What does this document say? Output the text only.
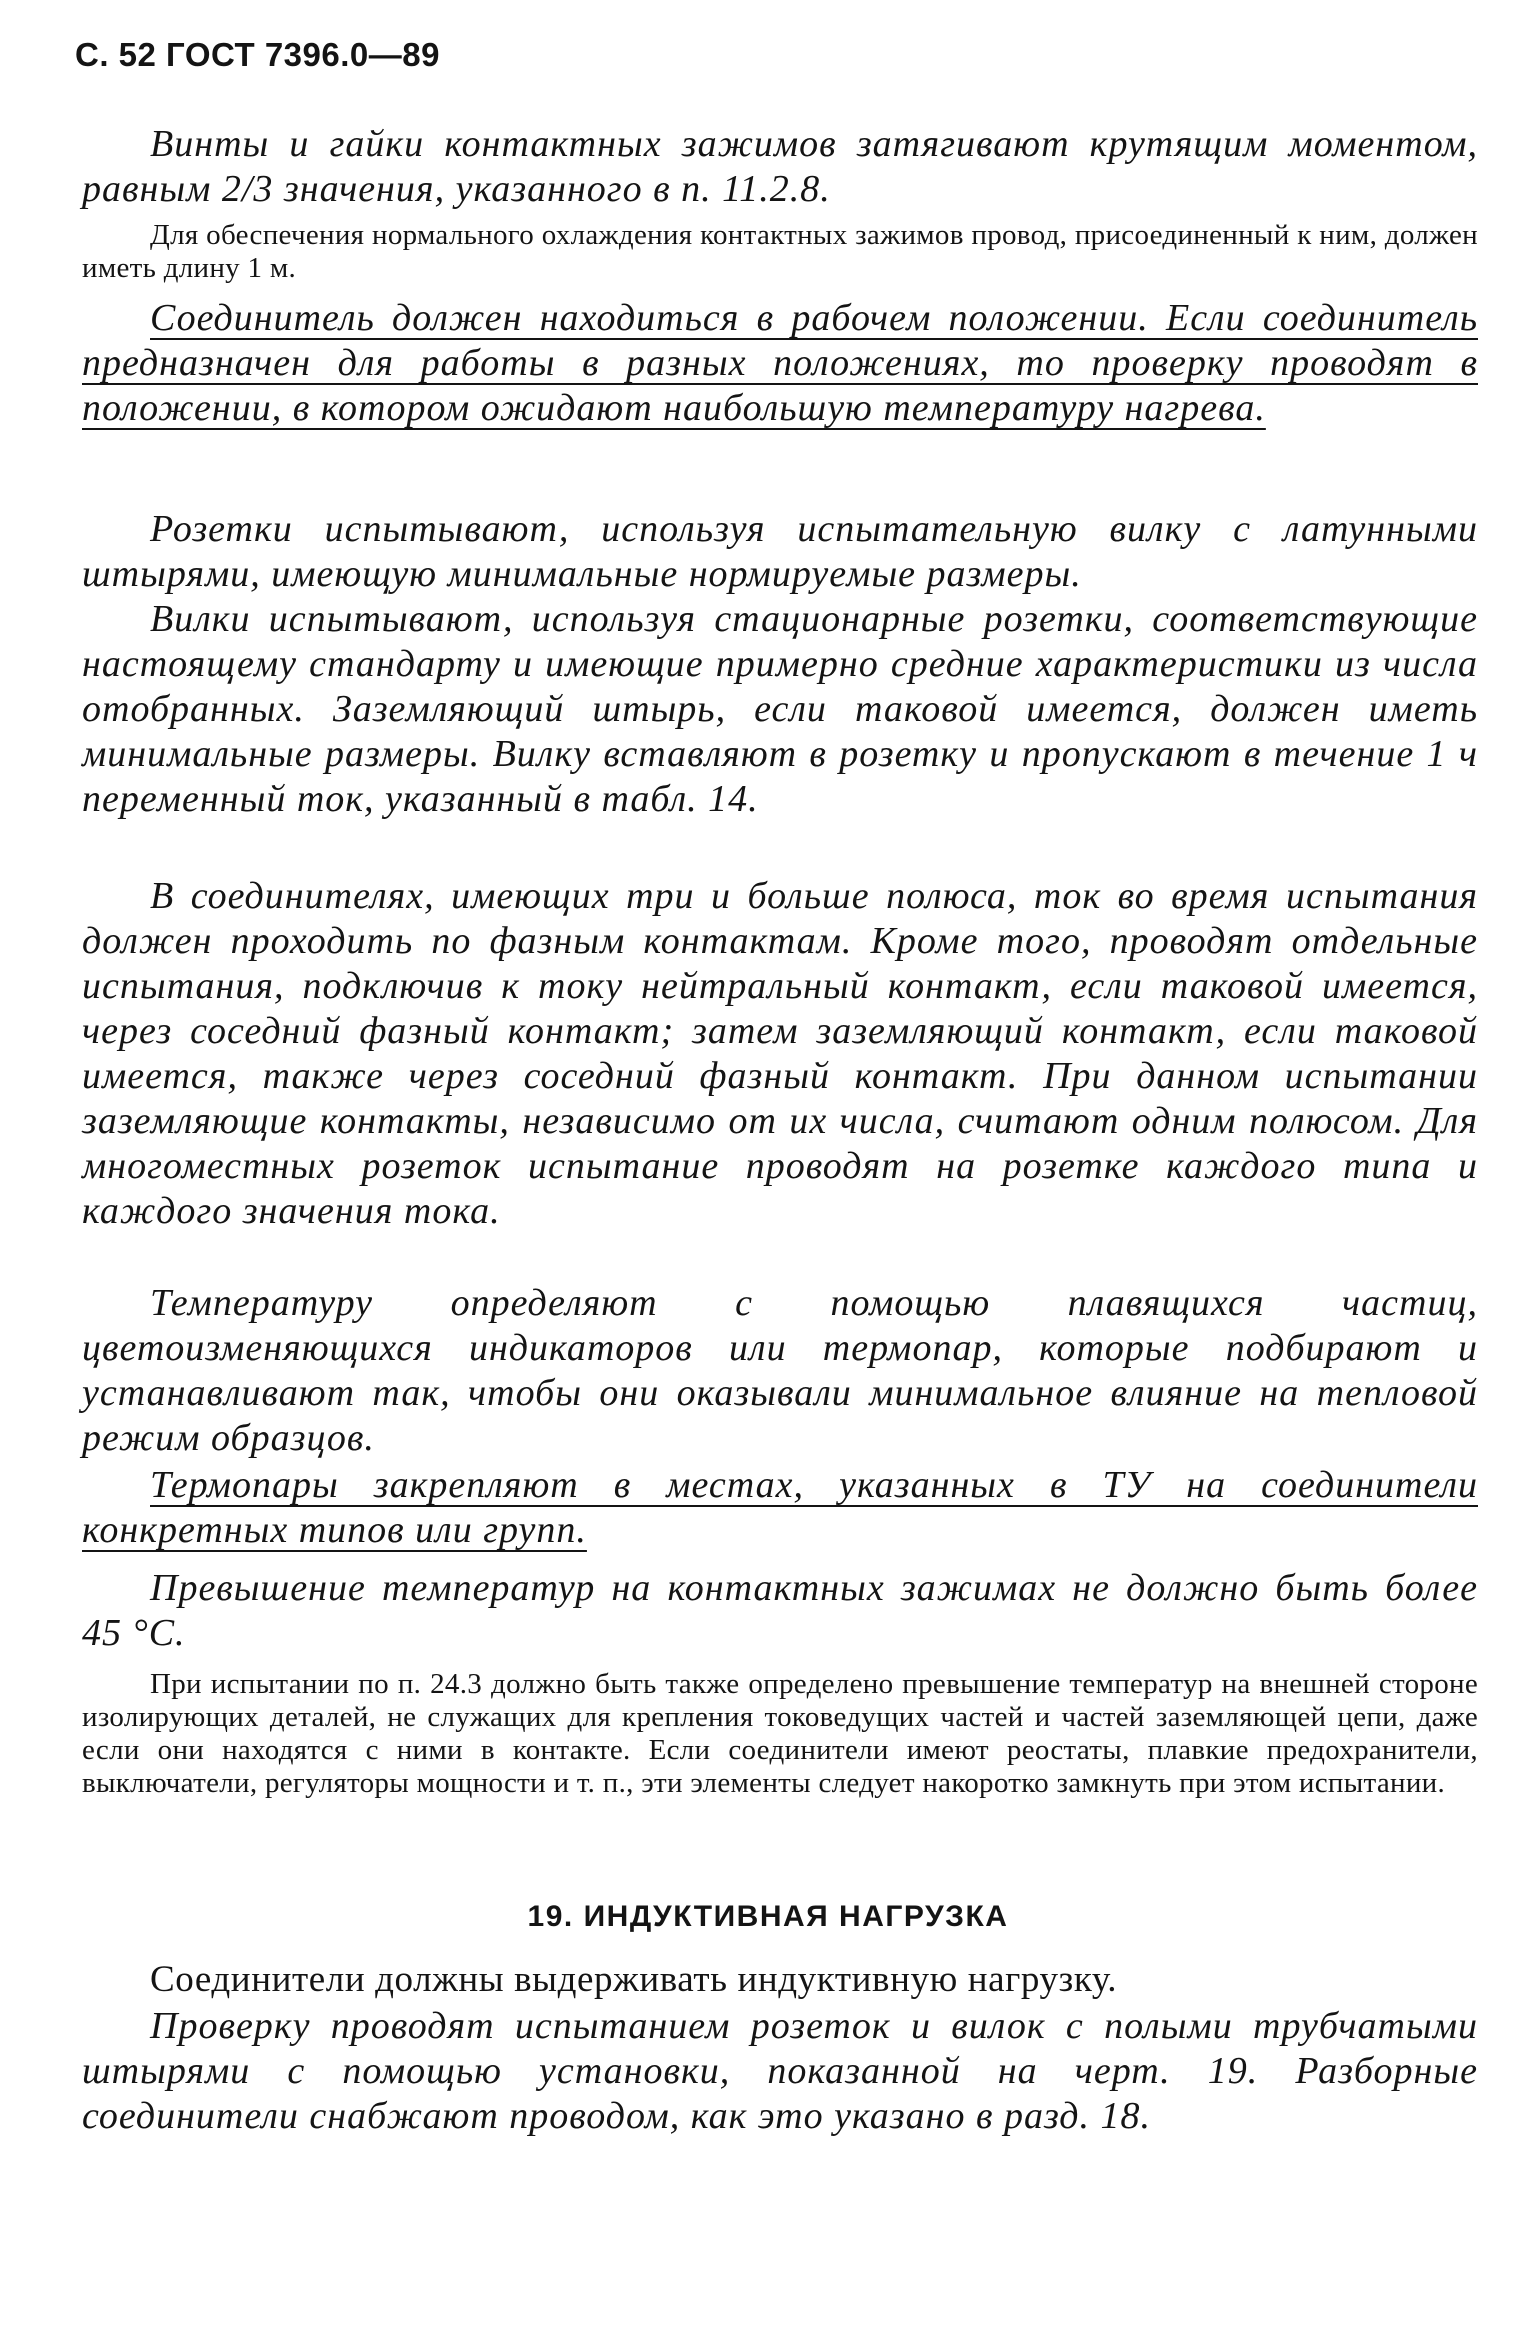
С. 52 ГОСТ 7396.0—89

Винты и гайки контактных зажимов затягивают крутящим моментом, равным 2/3 значения, указанного в п. 11.2.8.

Для обеспечения нормального охлаждения контактных зажимов провод, присоединенный к ним, должен иметь длину 1 м.

Соединитель должен находиться в рабочем положении. Если соединитель предназначен для работы в разных положениях, то проверку проводят в положении, в котором ожидают наибольшую температуру нагрева.

Розетки испытывают, используя испытательную вилку с латунными штырями, имеющую минимальные нормируемые размеры.

Вилки испытывают, используя стационарные розетки, соответствующие настоящему стандарту и имеющие примерно средние характеристики из числа отобранных. Заземляющий штырь, если таковой имеется, должен иметь минимальные размеры. Вилку вставляют в розетку и пропускают в течение 1 ч переменный ток, указанный в табл. 14.

В соединителях, имеющих три и больше полюса, ток во время испытания должен проходить по фазным контактам. Кроме того, проводят отдельные испытания, подключив к току нейтральный контакт, если таковой имеется, через соседний фазный контакт; затем заземляющий контакт, если таковой имеется, также через соседний фазный контакт. При данном испытании заземляющие контакты, независимо от их числа, считают одним полюсом. Для многоместных розеток испытание проводят на розетке каждого типа и каждого значения тока.

Температуру определяют с помощью плавящихся частиц, цветоизменяющихся индикаторов или термопар, которые подбирают и устанавливают так, чтобы они оказывали минимальное влияние на тепловой режим образцов.

Термопары закрепляют в местах, указанных в ТУ на соединители конкретных типов или групп.

Превышение температур на контактных зажимах не должно быть более 45 °С.

При испытании по п. 24.3 должно быть также определено превышение температур на внешней стороне изолирующих деталей, не служащих для крепления токоведущих частей и частей заземляющей цепи, даже если они находятся с ними в контакте. Если соединители имеют реостаты, плавкие предохранители, выключатели, регуляторы мощности и т. п., эти элементы следует накоротко замкнуть при этом испытании.

19. ИНДУКТИВНАЯ НАГРУЗКА

Соединители должны выдерживать индуктивную нагрузку.

Проверку проводят испытанием розеток и вилок с полыми трубчатыми штырями с помощью установки, показанной на черт. 19. Разборные соединители снабжают проводом, как это указано в разд. 18.
